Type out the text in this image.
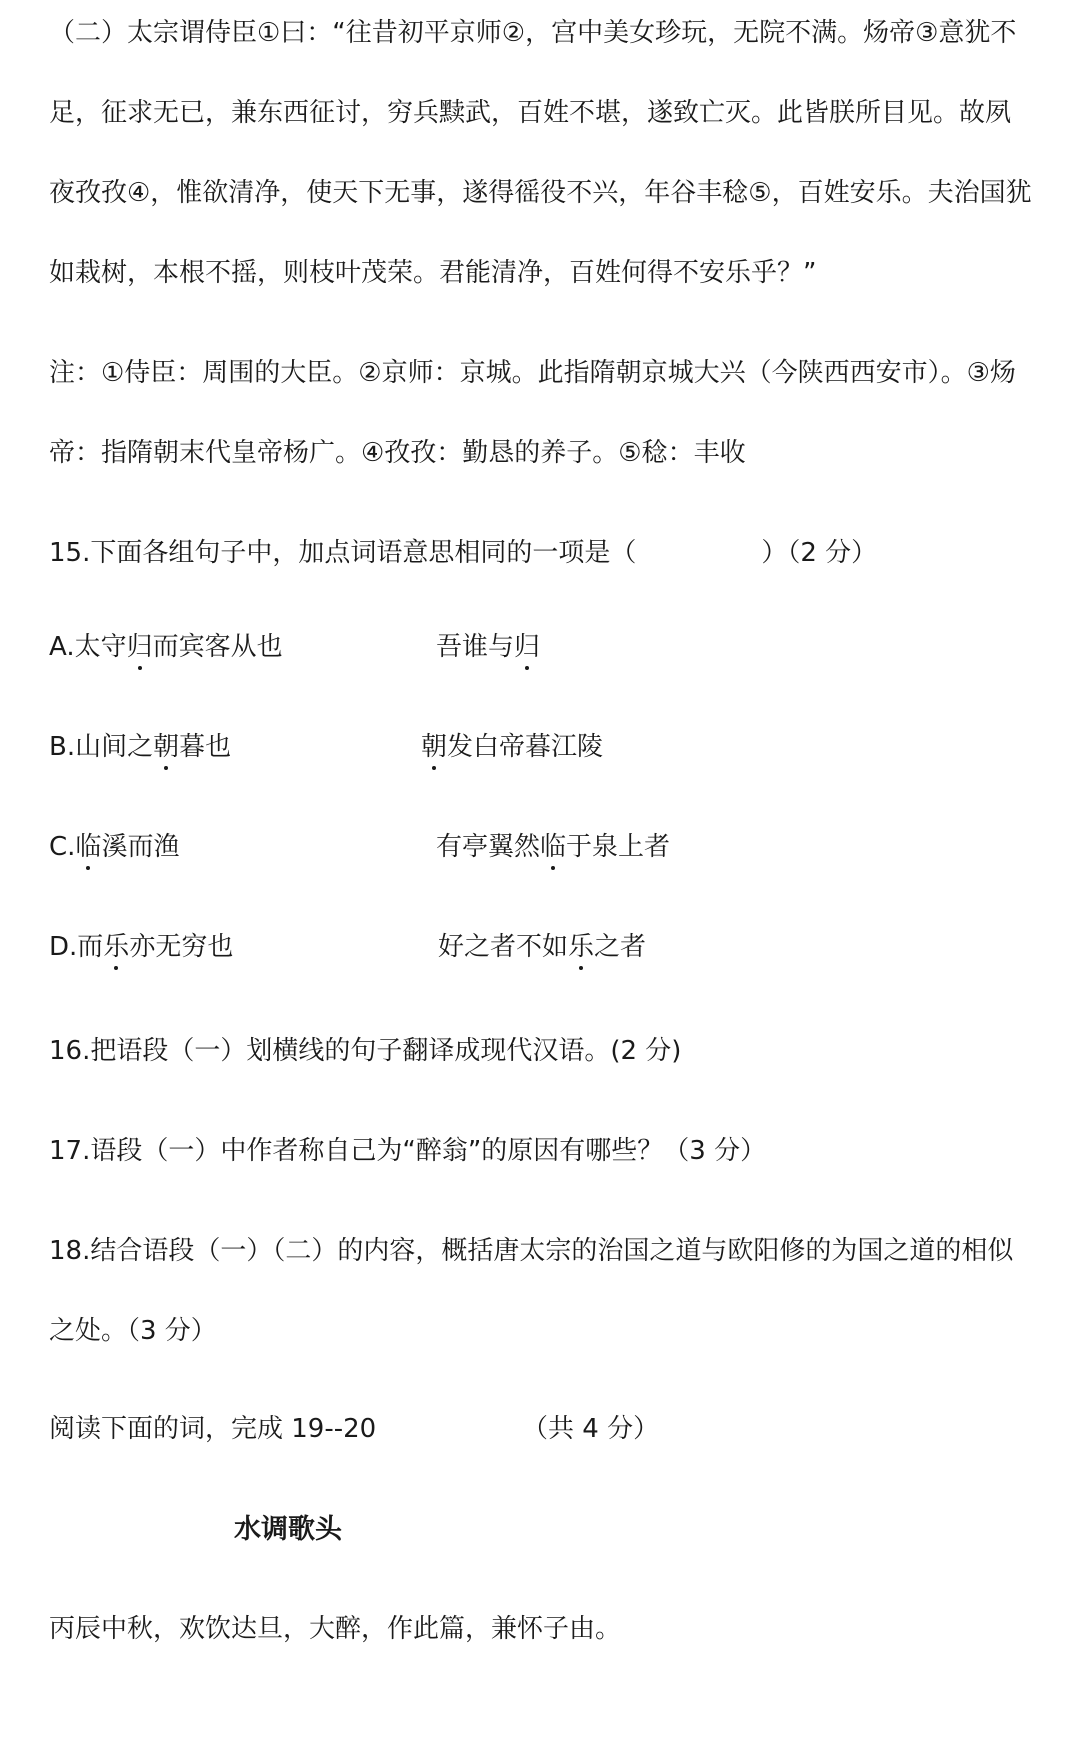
（二）太宗谓侍臣①曰：“往昔初平京师②，宫中美女珍玩，无院不满。炀帝③意犹不
足，征求无已，兼东西征讨，穷兵黩武，百姓不堪，遂致亡灭。此皆朕所目见。故夙
夜孜孜④，惟欲清净，使天下无事，遂得徭役不兴，年谷丰稔⑤，百姓安乐。夫治国犹
如栽树，本根不摇，则枝叶茂荣。君能清净，百姓何得不安乐乎？”
注：①侍臣：周围的大臣。②京师：京城。此指隋朝京城大兴（今陕西西安市）。③炀
帝：指隋朝末代皇帝杨广。④孜孜：勤恳的养子。⑤稔：丰收
15.下面各组句子中，加点词语意思相同的一项是（	）（2 分）
A.太守归而宾客从也	吾谁与归
B.山间之朝暮也	朝发白帝暮江陵
C.临溪而渔	有亭翼然临于泉上者
D.而乐亦无穷也	好之者不如乐之者
16.把语段（一）划横线的句子翻译成现代汉语。(2 分)
17.语段（一）中作者称自己为“醉翁”的原因有哪些？（3 分）
18.结合语段（一）（二）的内容，概括唐太宗的治国之道与欧阳修的为国之道的相似
之处。（3 分）
阅读下面的词，完成 19--20	（共 4 分）
水调歌头
丙辰中秋，欢饮达旦，大醉，作此篇，兼怀子由。
